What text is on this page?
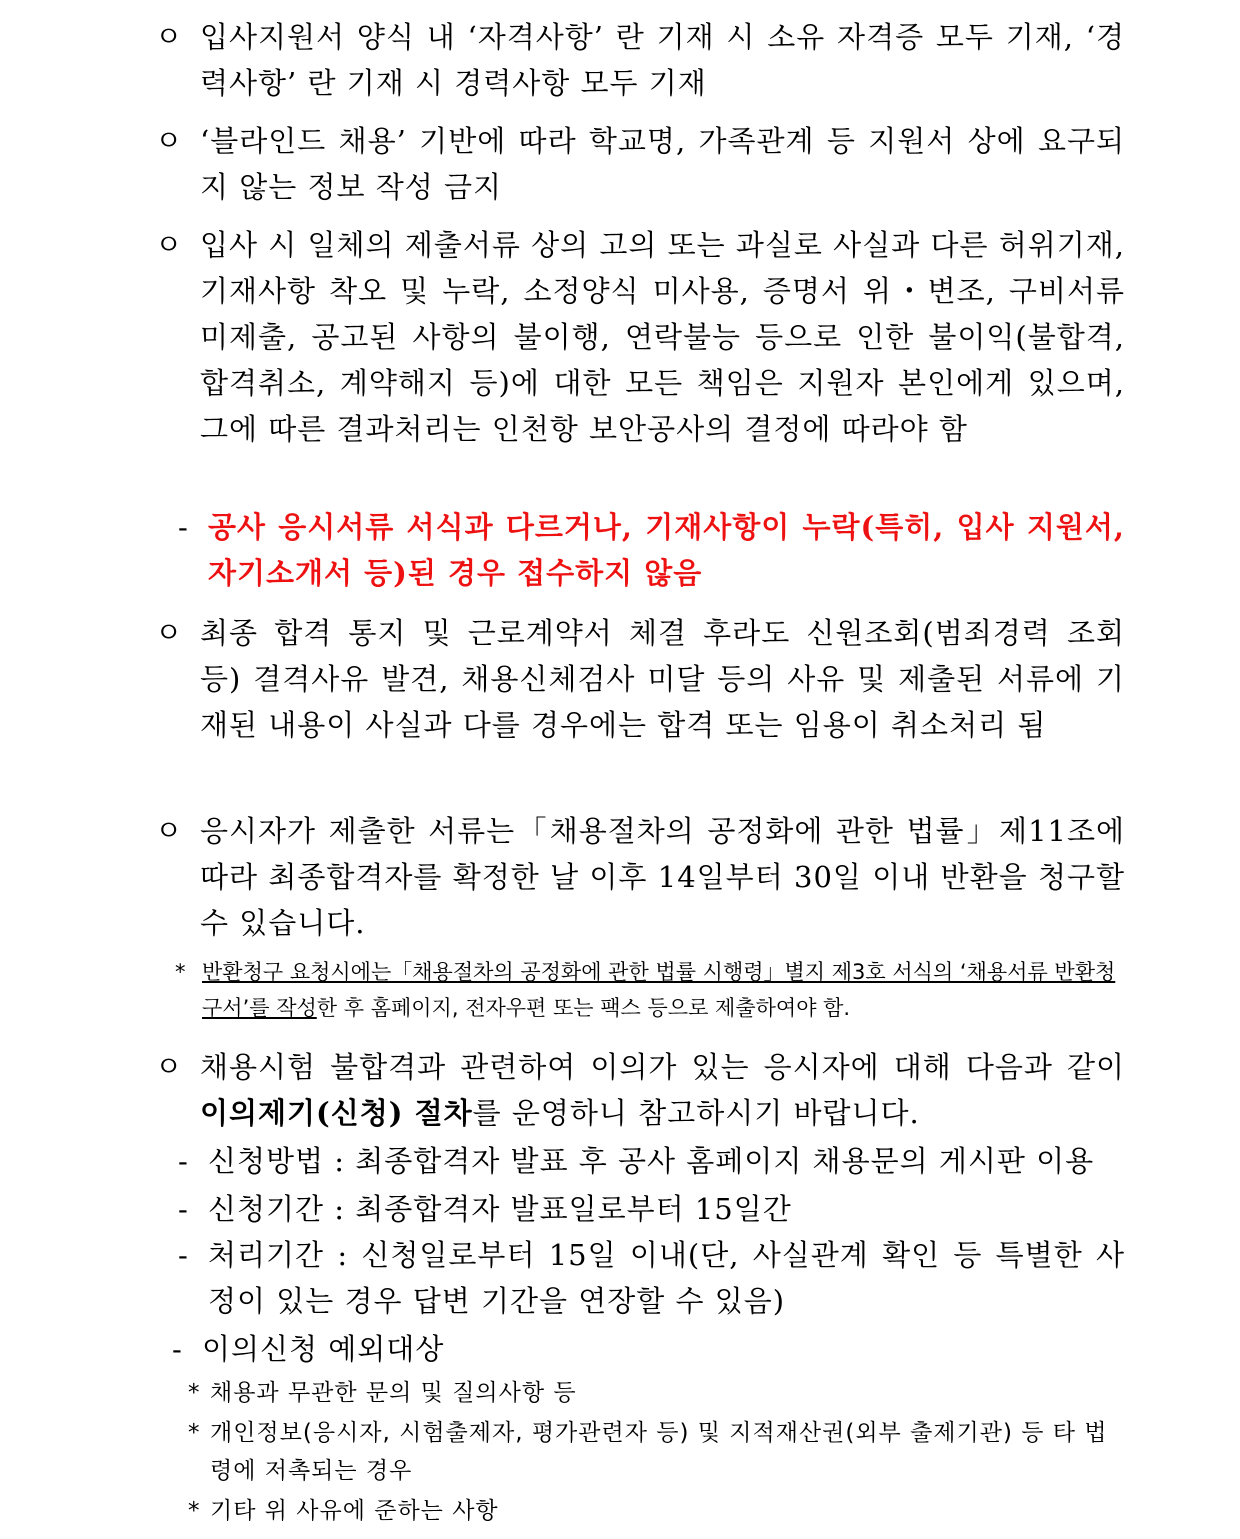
ㅇ 입사지원서 양식 내 ‘자격사항’ 란 기재 시 소유 자격증 모두 기재, ‘경력사항’ 란 기재 시 경력사항 모두 기재
ㅇ ‘블라인드 채용’ 기반에 따라 학교명, 가족관계 등 지원서 상에 요구되지 않는 정보 작성 금지
ㅇ 입사 시 일체의 제출서류 상의 고의 또는 과실로 사실과 다른 허위기재, 기재사항 착오 및 누락, 소정양식 미사용, 증명서 위・변조, 구비서류 미제출, 공고된 사항의 불이행, 연락불능 등으로 인한 불이익(불합격, 합격취소, 계약해지 등)에 대한 모든 책임은 지원자 본인에게 있으며, 그에 따른 결과처리는 인천항 보안공사의 결정에 따라야 함
- 공사 응시서류 서식과 다르거나, 기재사항이 누락(특히, 입사 지원서, 자기소개서 등)된 경우 접수하지 않음
ㅇ 최종 합격 통지 및 근로계약서 체결 후라도 신원조회(범죄경력 조회 등) 결격사유 발견, 채용신체검사 미달 등의 사유 및 제출된 서류에 기재된 내용이 사실과 다를 경우에는 합격 또는 임용이 취소처리 됨
ㅇ 응시자가 제출한 서류는「채용절차의 공정화에 관한 법률」제11조에 따라 최종합격자를 확정한 날 이후 14일부터 30일 이내 반환을 청구할 수 있습니다.
* 반환청구 요청시에는「채용절차의 공정화에 관한 법률 시행령」별지 제3호 서식의 ‘채용서류 반환청구서’를 작성한 후 홈페이지, 전자우편 또는 팩스 등으로 제출하여야 함.
ㅇ 채용시험 불합격과 관련하여 이의가 있는 응시자에 대해 다음과 같이 이의제기(신청) 절차를 운영하니 참고하시기 바랍니다.
- 신청방법 : 최종합격자 발표 후 공사 홈페이지 채용문의 게시판 이용
- 신청기간 : 최종합격자 발표일로부터 15일간
- 처리기간 : 신청일로부터 15일 이내(단, 사실관계 확인 등 특별한 사정이 있는 경우 답변 기간을 연장할 수 있음)
- 이의신청 예외대상
* 채용과 무관한 문의 및 질의사항 등
* 개인정보(응시자, 시험출제자, 평가관련자 등) 및 지적재산권(외부 출제기관) 등 타 법령에 저촉되는 경우
* 기타 위 사유에 준하는 사항
